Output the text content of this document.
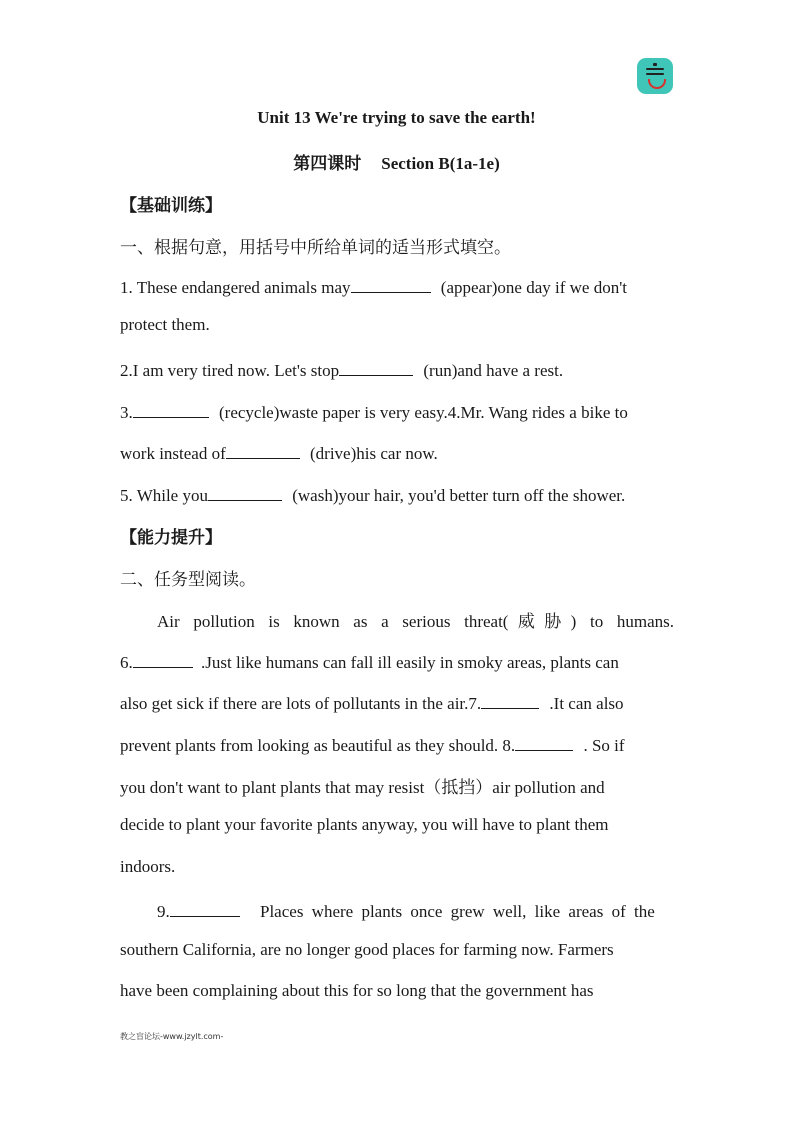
Unit 13 We're trying to save the earth!
第四课时 Section B(1a-1e)
【基础训练】
一、根据句意，用括号中所给单词的适当形式填空。
1. These endangered animals may	(appear)one day if we don't
protect them.
2.I am very tired now. Let's stop	(run)and have a rest.
3.	(recycle)waste paper is very easy.4.Mr. Wang rides a bike to
work instead of	(drive)his car now.
5. While you	(wash)your hair, you'd better turn off the shower.
【能力提升】
二、任务型阅读。
Air pollution is known as a serious threat(威胁) to humans.
6.	.Just like humans can fall ill easily in smoky areas, plants can
also get sick if there are lots of pollutants in the air.7.	.It can also
prevent plants from looking as beautiful as they should. 8.	. So if
you don't want to plant plants that may resist（抵挡）air pollution and
decide to plant your favorite plants anyway, you will have to plant them
indoors.
9.	Places where plants once grew well, like areas of the
southern California, are no longer good places for farming now. Farmers
have been complaining about this for so long that the government has
教之盲论坛-www.jzylt.com-
